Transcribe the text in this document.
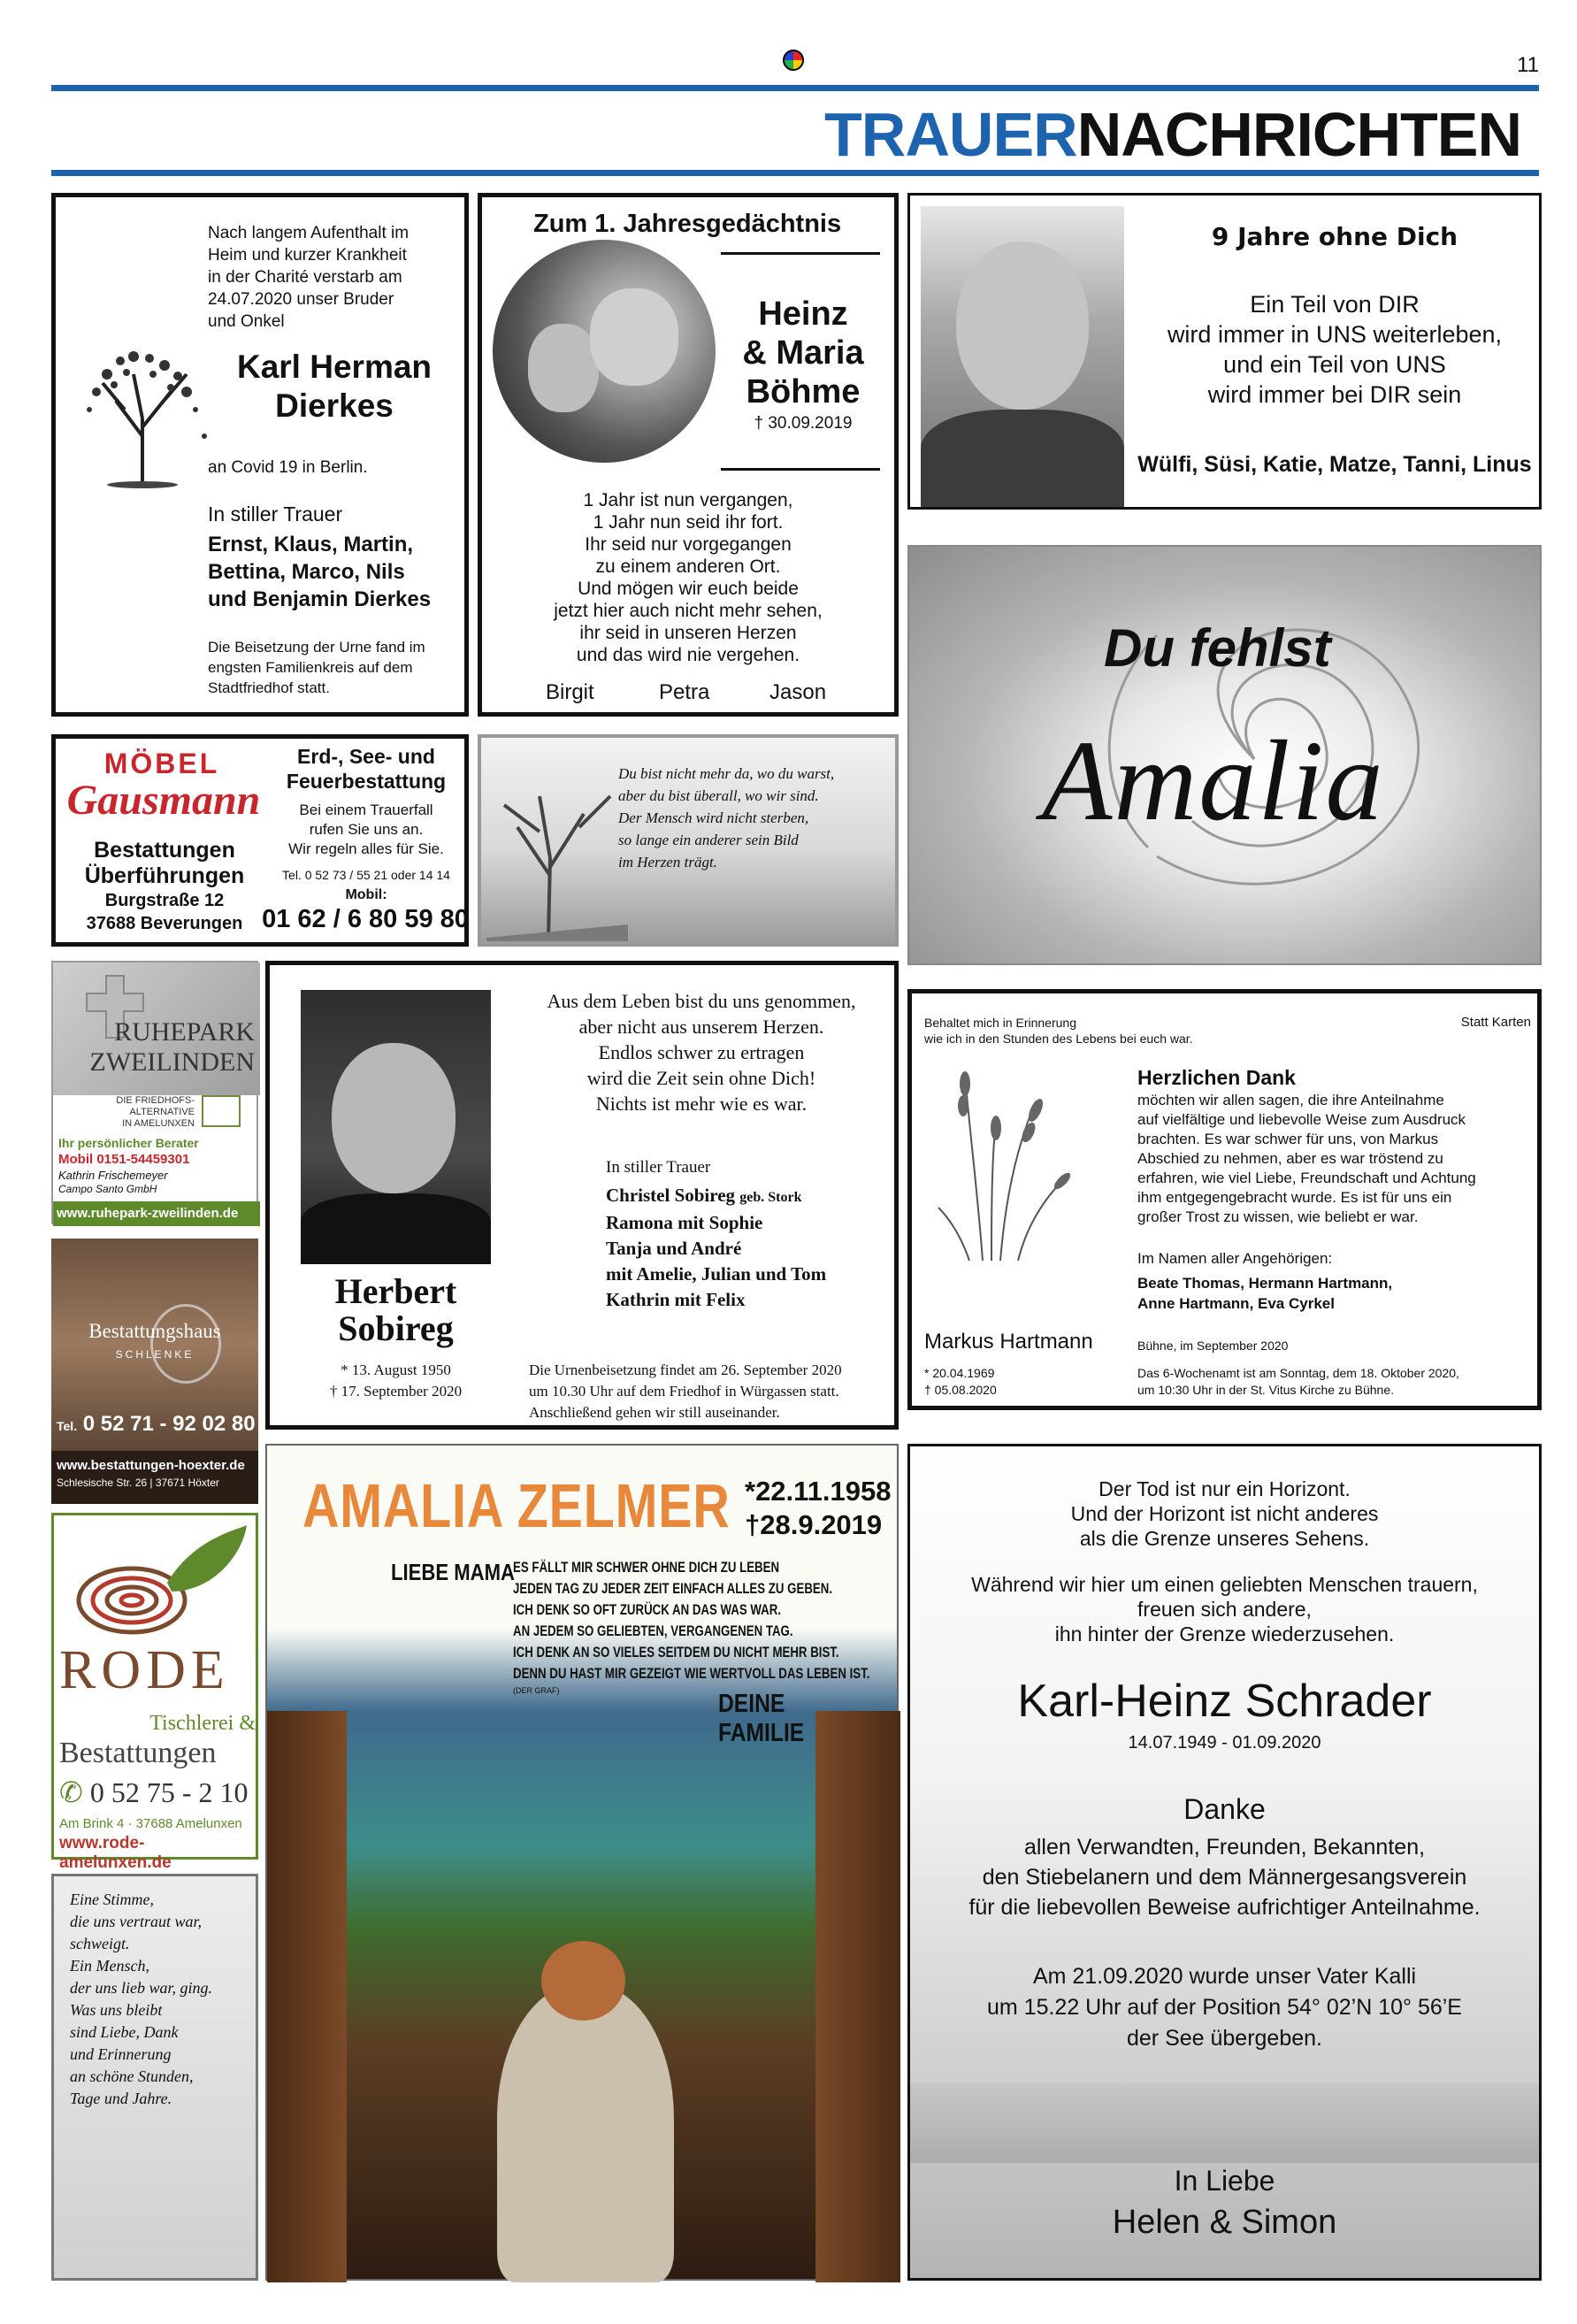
11
TRAUERNACHRICHTEN
Nach langem Aufenthalt im
Heim und kurzer Krankheit
in der Charité verstarb am
24.07.2020 unser Bruder
und Onkel
Karl Herman
Dierkes
an Covid 19 in Berlin.
In stiller Trauer
Ernst, Klaus, Martin,
Bettina, Marco, Nils
und Benjamin Dierkes
Die Beisetzung der Urne fand im
engsten Familienkreis auf dem
Stadtfriedhof statt.
Zum 1. Jahresgedächtnis
Heinz
& Maria
Böhme
† 30.09.2019
1 Jahr ist nun vergangen,
1 Jahr nun seid ihr fort.
Ihr seid nur vorgegangen
zu einem anderen Ort.
Und mögen wir euch beide
jetzt hier auch nicht mehr sehen,
ihr seid in unseren Herzen
und das wird nie vergehen.
Birgit	Petra	Jason
9 Jahre ohne Dich
Ein Teil von DIR
wird immer in UNS weiterleben,
und ein Teil von UNS
wird immer bei DIR sein
Wülfi, Süsi, Katie, Matze, Tanni, Linus
Du fehlst
Amalia
MÖBEL
Gausmann
Bestattungen
Überführungen
Burgstraße 12
37688 Beverungen
Erd-, See- und
Feuerbestattung
Bei einem Trauerfall
rufen Sie uns an.
Wir regeln alles für Sie.
Tel. 0 52 73 / 55 21 oder 14 14
Mobil:
01 62 / 6 80 59 80
Du bist nicht mehr da, wo du warst,
aber du bist überall, wo wir sind.
Der Mensch wird nicht sterben,
so lange ein anderer sein Bild
im Herzen trägt.
RUHEPARK
ZWEILINDEN
DIE FRIEDHOFS-
ALTERNATIVE
IN AMELUNXEN
Ihr persönlicher Berater
Mobil 0151-54459301
Kathrin Frischemeyer
Campo Santo GmbH
www.ruhepark-zweilinden.de
Bestattungshaus
SCHLENKE
Tel. 0 52 71 - 92 02 80
www.bestattungen-hoexter.de
Schlesische Str. 26 | 37671 Höxter
RODE
Tischlerei &
Bestattungen
✆ 0 52 75 - 2 10
Am Brink 4 · 37688 Amelunxen
www.rode-amelunxen.de
Eine Stimme,
die uns vertraut war,
schweigt.
Ein Mensch,
der uns lieb war, ging.
Was uns bleibt
sind Liebe, Dank
und Erinnerung
an schöne Stunden,
Tage und Jahre.
Aus dem Leben bist du uns genommen,
aber nicht aus unserem Herzen.
Endlos schwer zu ertragen
wird die Zeit sein ohne Dich!
Nichts ist mehr wie es war.
In stiller Trauer
Christel Sobireg geb. Stork
Ramona mit Sophie
Tanja und André
mit Amelie, Julian und Tom
Kathrin mit Felix
Herbert
Sobireg
* 13. August 1950
† 17. September 2020
Die Urnenbeisetzung findet am 26. September 2020
um 10.30 Uhr auf dem Friedhof in Würgassen statt.
Anschließend gehen wir still auseinander.
Behaltet mich in Erinnerung
wie ich in den Stunden des Lebens bei euch war.
Statt Karten
Herzlichen Dank
möchten wir allen sagen, die ihre Anteilnahme
auf vielfältige und liebevolle Weise zum Ausdruck
brachten. Es war schwer für uns, von Markus
Abschied zu nehmen, aber es war tröstend zu
erfahren, wie viel Liebe, Freundschaft und Achtung
ihm entgegengebracht wurde. Es ist für uns ein
großer Trost zu wissen, wie beliebt er war.
Im Namen aller Angehörigen:
Beate Thomas, Hermann Hartmann,
Anne Hartmann, Eva Cyrkel
Markus Hartmann
* 20.04.1969
† 05.08.2020
Bühne, im September 2020
Das 6-Wochenamt ist am Sonntag, dem 18. Oktober 2020,
um 10:30 Uhr in der St. Vitus Kirche zu Bühne.
AMALIA ZELMER *22.11.1958
†28.9.2019
LIEBE MAMA
ES FÄLLT MIR SCHWER OHNE DICH ZU LEBEN
JEDEN TAG ZU JEDER ZEIT EINFACH ALLES ZU GEBEN.
ICH DENK SO OFT ZURÜCK AN DAS WAS WAR.
AN JEDEM SO GELIEBTEN, VERGANGENEN TAG.
ICH DENK AN SO VIELES SEITDEM DU NICHT MEHR BIST.
DENN DU HAST MIR GEZEIGT WIE WERTVOLL DAS LEBEN IST.
(DER GRAF)	DEINE FAMILIE
Der Tod ist nur ein Horizont.
Und der Horizont ist nicht anderes
als die Grenze unseres Sehens.
Während wir hier um einen geliebten Menschen trauern,
freuen sich andere,
ihn hinter der Grenze wiederzusehen.
Karl-Heinz Schrader
14.07.1949 - 01.09.2020
Danke
allen Verwandten, Freunden, Bekannten,
den Stiebelanern und dem Männergesangsverein
für die liebevollen Beweise aufrichtiger Anteilnahme.
Am 21.09.2020 wurde unser Vater Kalli
um 15.22 Uhr auf der Position 54° 02’N 10° 56’E
der See übergeben.
In Liebe
Helen & Simon
